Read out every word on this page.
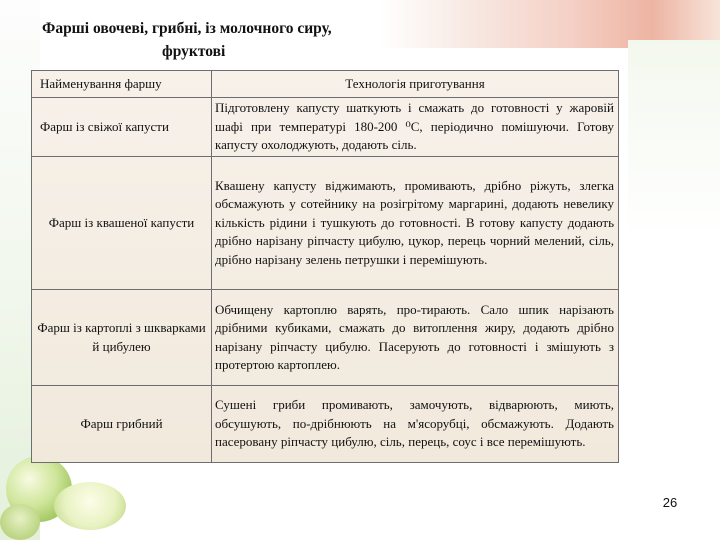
Фарші овочеві, грибні, із молочного сиру,
фруктові
Найменування фаршу	Технологія приготування
Фарш із свіжої капусти	Підготовлену капусту шаткують і смажать до готовності у жаровій шафі при температурі 180-200 ⁰С, періодично помішуючи. Готову капусту охолоджують, додають сіль.
Фарш із квашеної капусти	Квашену капусту віджимають, промивають, дрібно ріжуть, злегка обсмажують у сотейнику на розігрітому маргарині, додають невелику кількість рідини і тушкують до готовності. В готову капусту додають дрібно нарізану ріпчасту цибулю, цукор, перець чорний мелений, сіль, дрібно нарізану зелень петрушки і перемішують.
Фарш із картоплі з шкварками й цибулею	Обчищену картоплю варять, про-тирають. Сало шпик нарізають дрібними кубиками, смажать до витоплення жиру, додають дрібно нарізану ріпчасту цибулю. Пасерують до готовності і змішують з протертою картоплею.
Фарш грибний	Сушені гриби промивають, замочують, відварюють, миють, обсушують, по-дрібнюють на м'ясорубці, обсмажують. Додають пасеровану ріпчасту цибулю, сіль, перець, соус і все перемішують.
26
